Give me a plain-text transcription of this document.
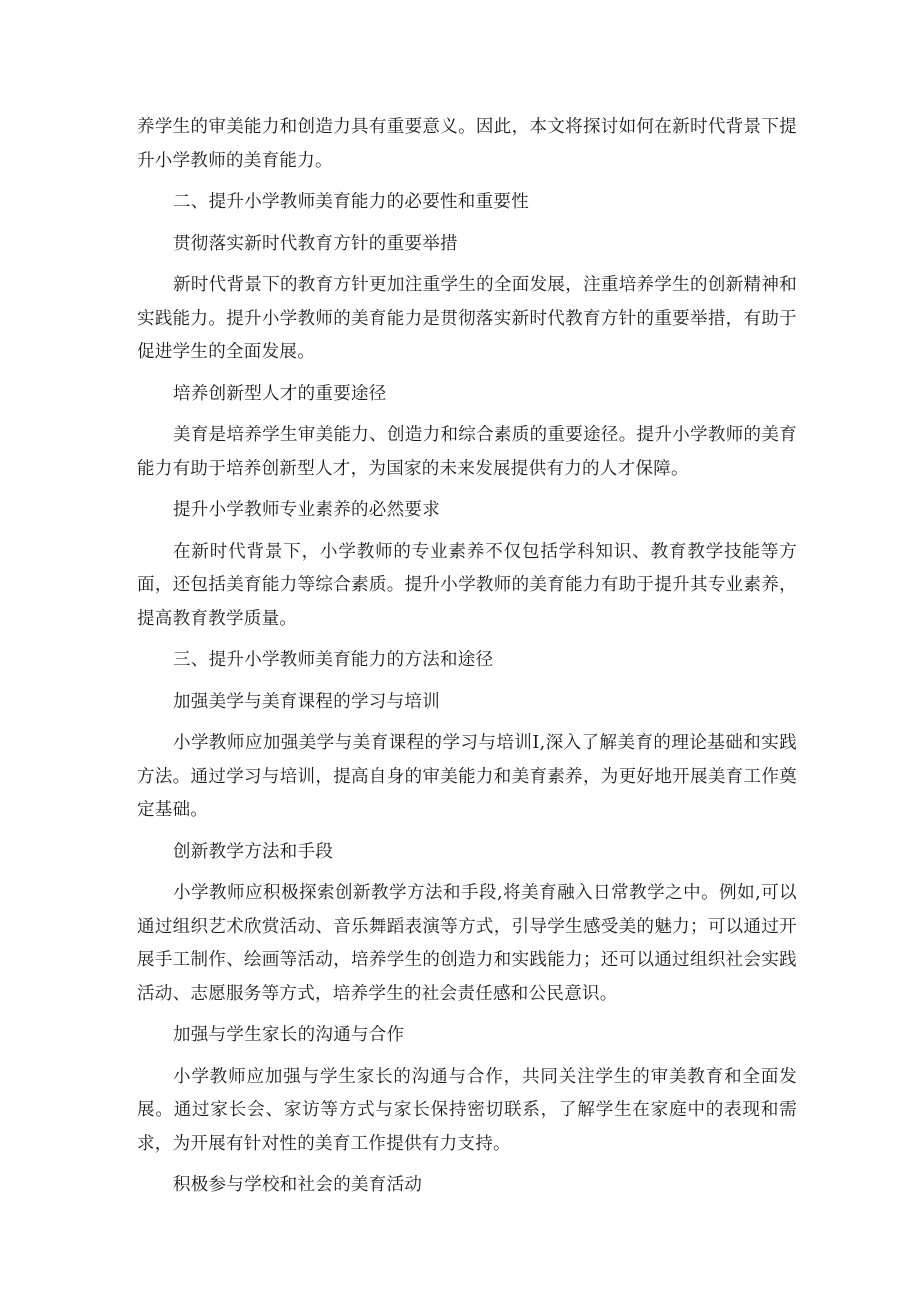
养学生的审美能力和创造力具有重要意义。因此，本文将探讨如何在新时代背景下提升小学教师的美育能力。

二、提升小学教师美育能力的必要性和重要性

贯彻落实新时代教育方针的重要举措

新时代背景下的教育方针更加注重学生的全面发展，注重培养学生的创新精神和实践能力。提升小学教师的美育能力是贯彻落实新时代教育方针的重要举措，有助于促进学生的全面发展。

培养创新型人才的重要途径

美育是培养学生审美能力、创造力和综合素质的重要途径。提升小学教师的美育能力有助于培养创新型人才，为国家的未来发展提供有力的人才保障。

提升小学教师专业素养的必然要求

在新时代背景下，小学教师的专业素养不仅包括学科知识、教育教学技能等方面，还包括美育能力等综合素质。提升小学教师的美育能力有助于提升其专业素养，提高教育教学质量。

三、提升小学教师美育能力的方法和途径

加强美学与美育课程的学习与培训

小学教师应加强美学与美育课程的学习与培训I,深入了解美育的理论基础和实践方法。通过学习与培训，提高自身的审美能力和美育素养，为更好地开展美育工作奠定基础。

创新教学方法和手段

小学教师应积极探索创新教学方法和手段,将美育融入日常教学之中。例如,可以通过组织艺术欣赏活动、音乐舞蹈表演等方式，引导学生感受美的魅力；可以通过开展手工制作、绘画等活动，培养学生的创造力和实践能力；还可以通过组织社会实践活动、志愿服务等方式，培养学生的社会责任感和公民意识。

加强与学生家长的沟通与合作

小学教师应加强与学生家长的沟通与合作，共同关注学生的审美教育和全面发展。通过家长会、家访等方式与家长保持密切联系，了解学生在家庭中的表现和需求，为开展有针对性的美育工作提供有力支持。

积极参与学校和社会的美育活动
